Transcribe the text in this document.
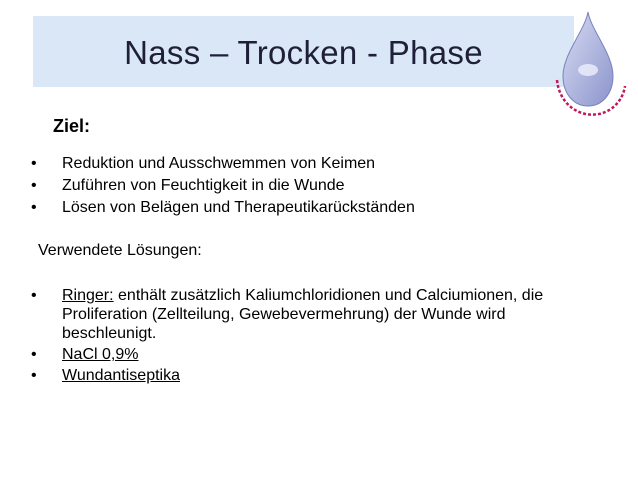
Nass – Trocken - Phase
Ziel:
• Reduktion und Ausschwemmen von Keimen
• Zuführen von Feuchtigkeit in die Wunde
• Lösen von Belägen und Therapeutikarückständen
Verwendete Lösungen:
• Ringer: enthält zusätzlich Kaliumchloridionen und Calciumionen, die Proliferation (Zellteilung, Gewebevermehrung) der Wunde wird beschleunigt.
• NaCl 0,9%
• Wundantiseptika
